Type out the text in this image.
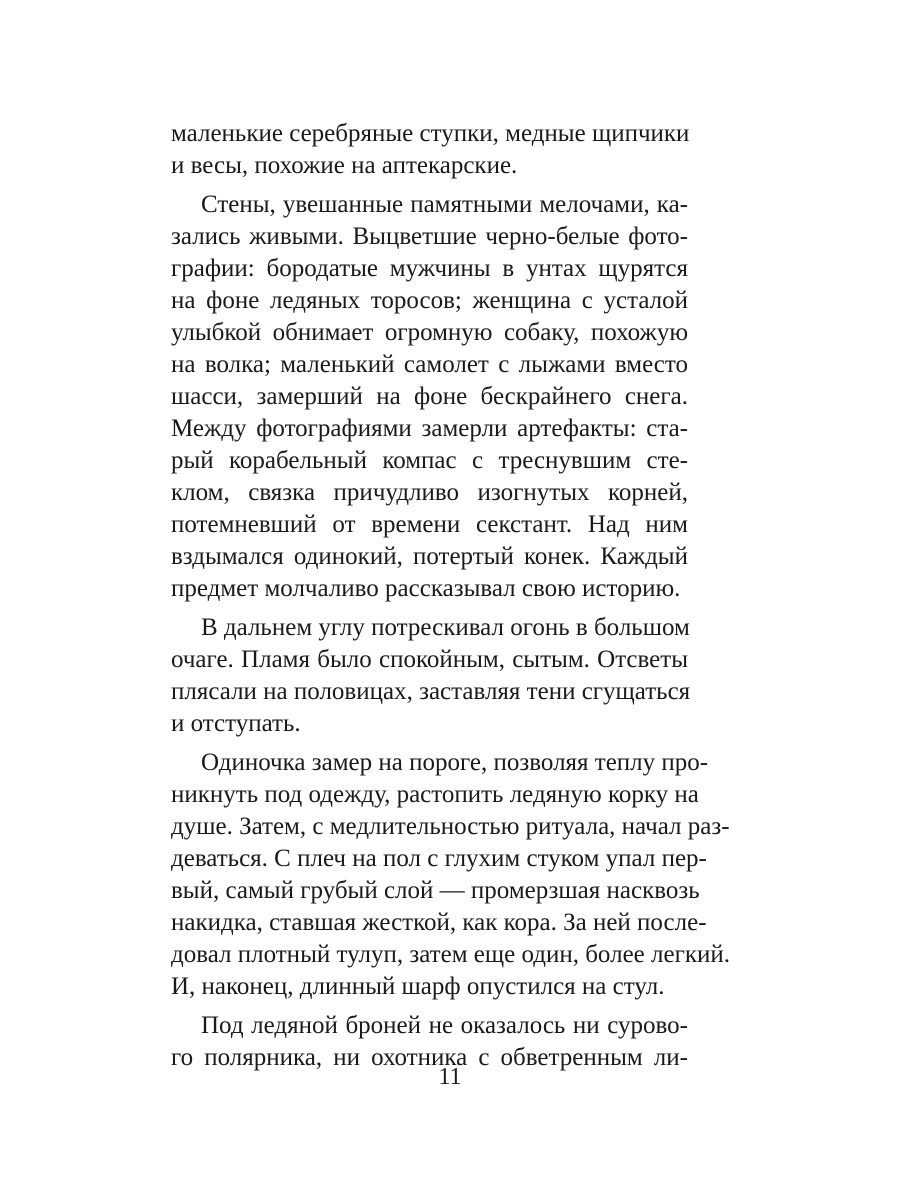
маленькие серебряные ступки, медные щипчики
и весы, похожие на аптекарские.
Стены, увешанные памятными мелочами, ка-
зались живыми. Выцветшие черно-белые фото-
графии: бородатые мужчины в унтах щурятся
на фоне ледяных торосов; женщина с усталой
улыбкой обнимает огромную собаку, похожую
на волка; маленький самолет с лыжами вместо
шасси, замерший на фоне бескрайнего снега.
Между фотографиями замерли артефакты: ста-
рый корабельный компас с треснувшим сте-
клом, связка причудливо изогнутых корней,
потемневший от времени секстант. Над ним
вздымался одинокий, потертый конек. Каждый
предмет молчаливо рассказывал свою историю.
В дальнем углу потрескивал огонь в большом
очаге. Пламя было спокойным, сытым. Отсветы
плясали на половицах, заставляя тени сгущаться
и отступать.
Одиночка замер на пороге, позволяя теплу про-
никнуть под одежду, растопить ледяную корку на
душе. Затем, с медлительностью ритуала, начал раз-
деваться. С плеч на пол с глухим стуком упал пер-
вый, самый грубый слой — промерзшая насквозь
накидка, ставшая жесткой, как кора. За ней после-
довал плотный тулуп, затем еще один, более легкий.
И, наконец, длинный шарф опустился на стул.
Под ледяной броней не оказалось ни сурово-
го полярника, ни охотника с обветренным ли-
11
